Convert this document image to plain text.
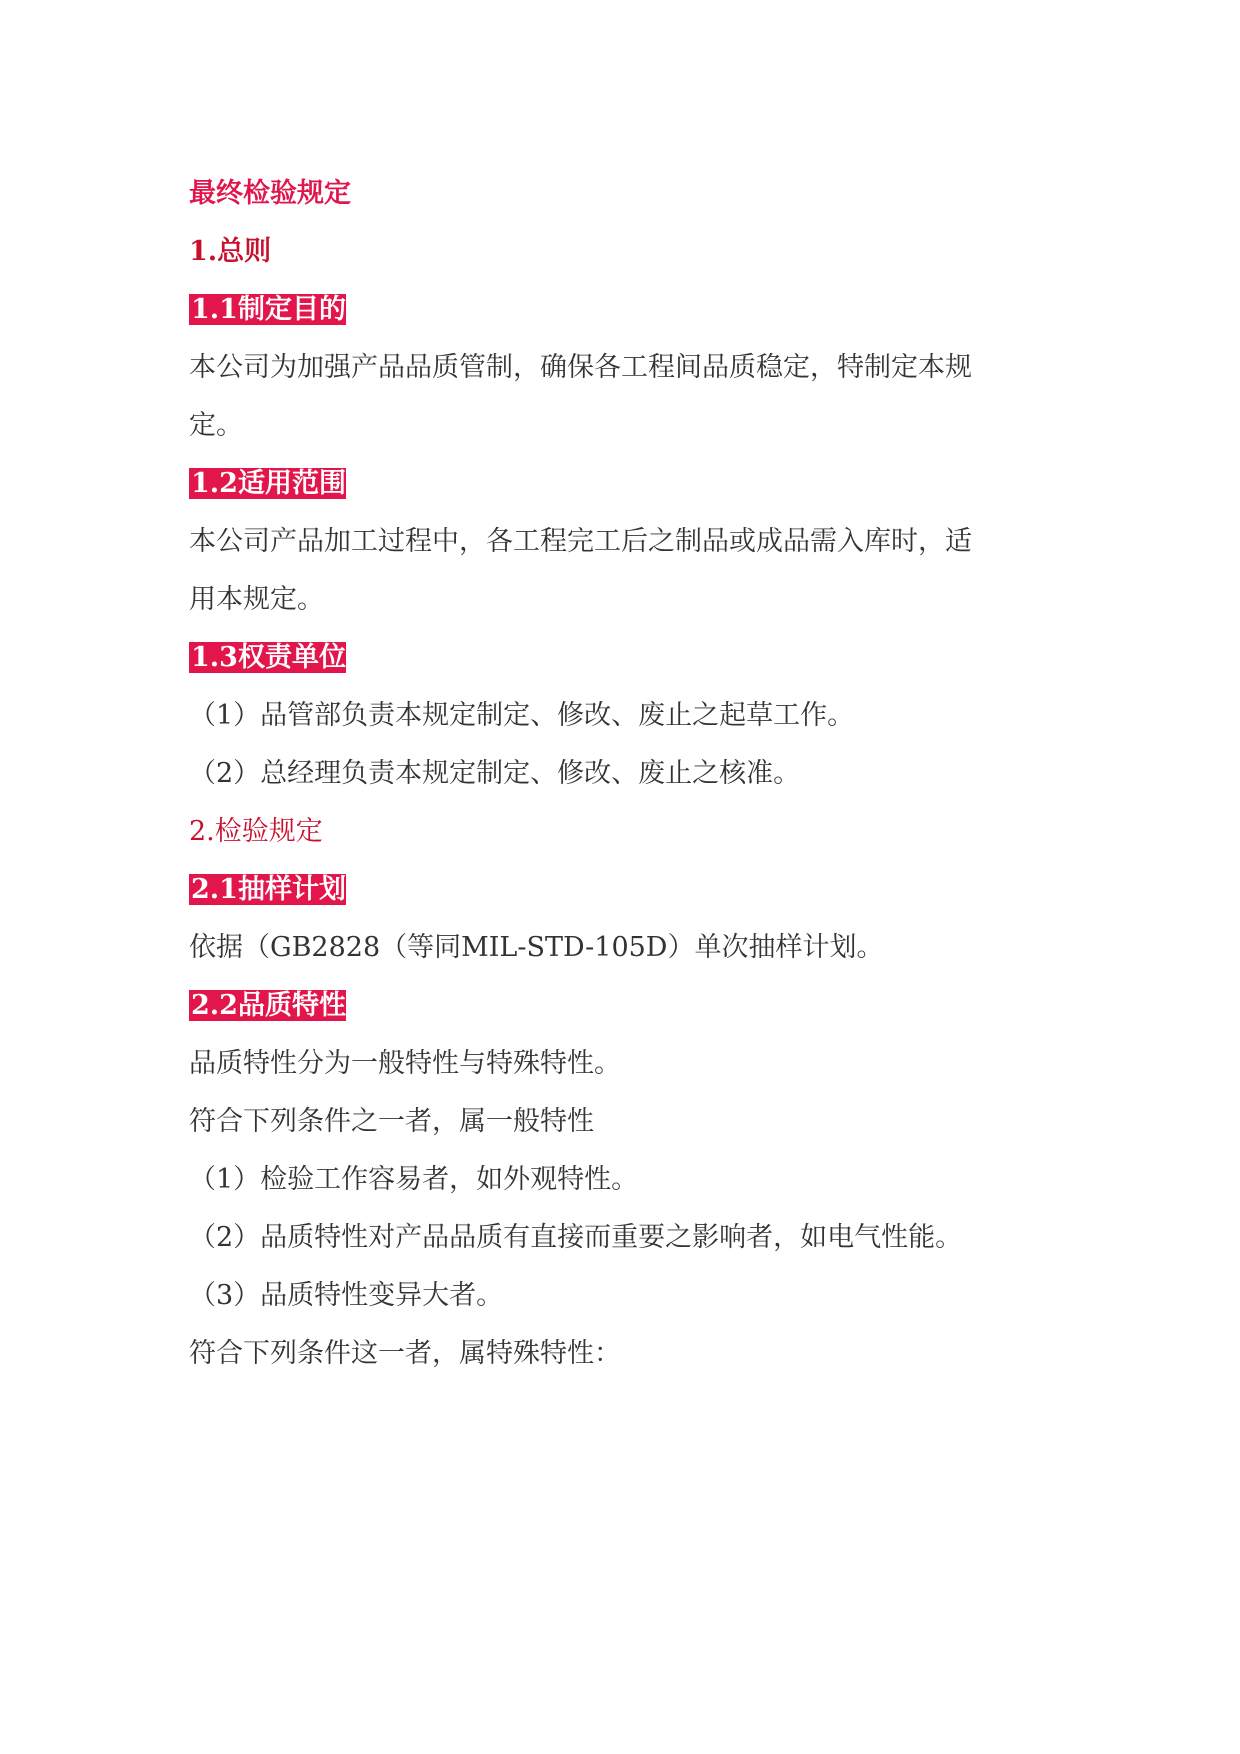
最终检验规定
1.总则
1.1制定目的
本公司为加强产品品质管制，确保各工程间品质稳定，特制定本规
定。
1.2适用范围
本公司产品加工过程中，各工程完工后之制品或成品需入库时，适
用本规定。
1.3权责单位
（1）品管部负责本规定制定、修改、废止之起草工作。
（2）总经理负责本规定制定、修改、废止之核准。
2.检验规定
2.1抽样计划
依据（GB2828（等同MIL-STD-105D）单次抽样计划。
2.2品质特性
品质特性分为一般特性与特殊特性。
符合下列条件之一者，属一般特性
（1）检验工作容易者，如外观特性。
（2）品质特性对产品品质有直接而重要之影响者，如电气性能。
（3）品质特性变异大者。
符合下列条件这一者，属特殊特性：
